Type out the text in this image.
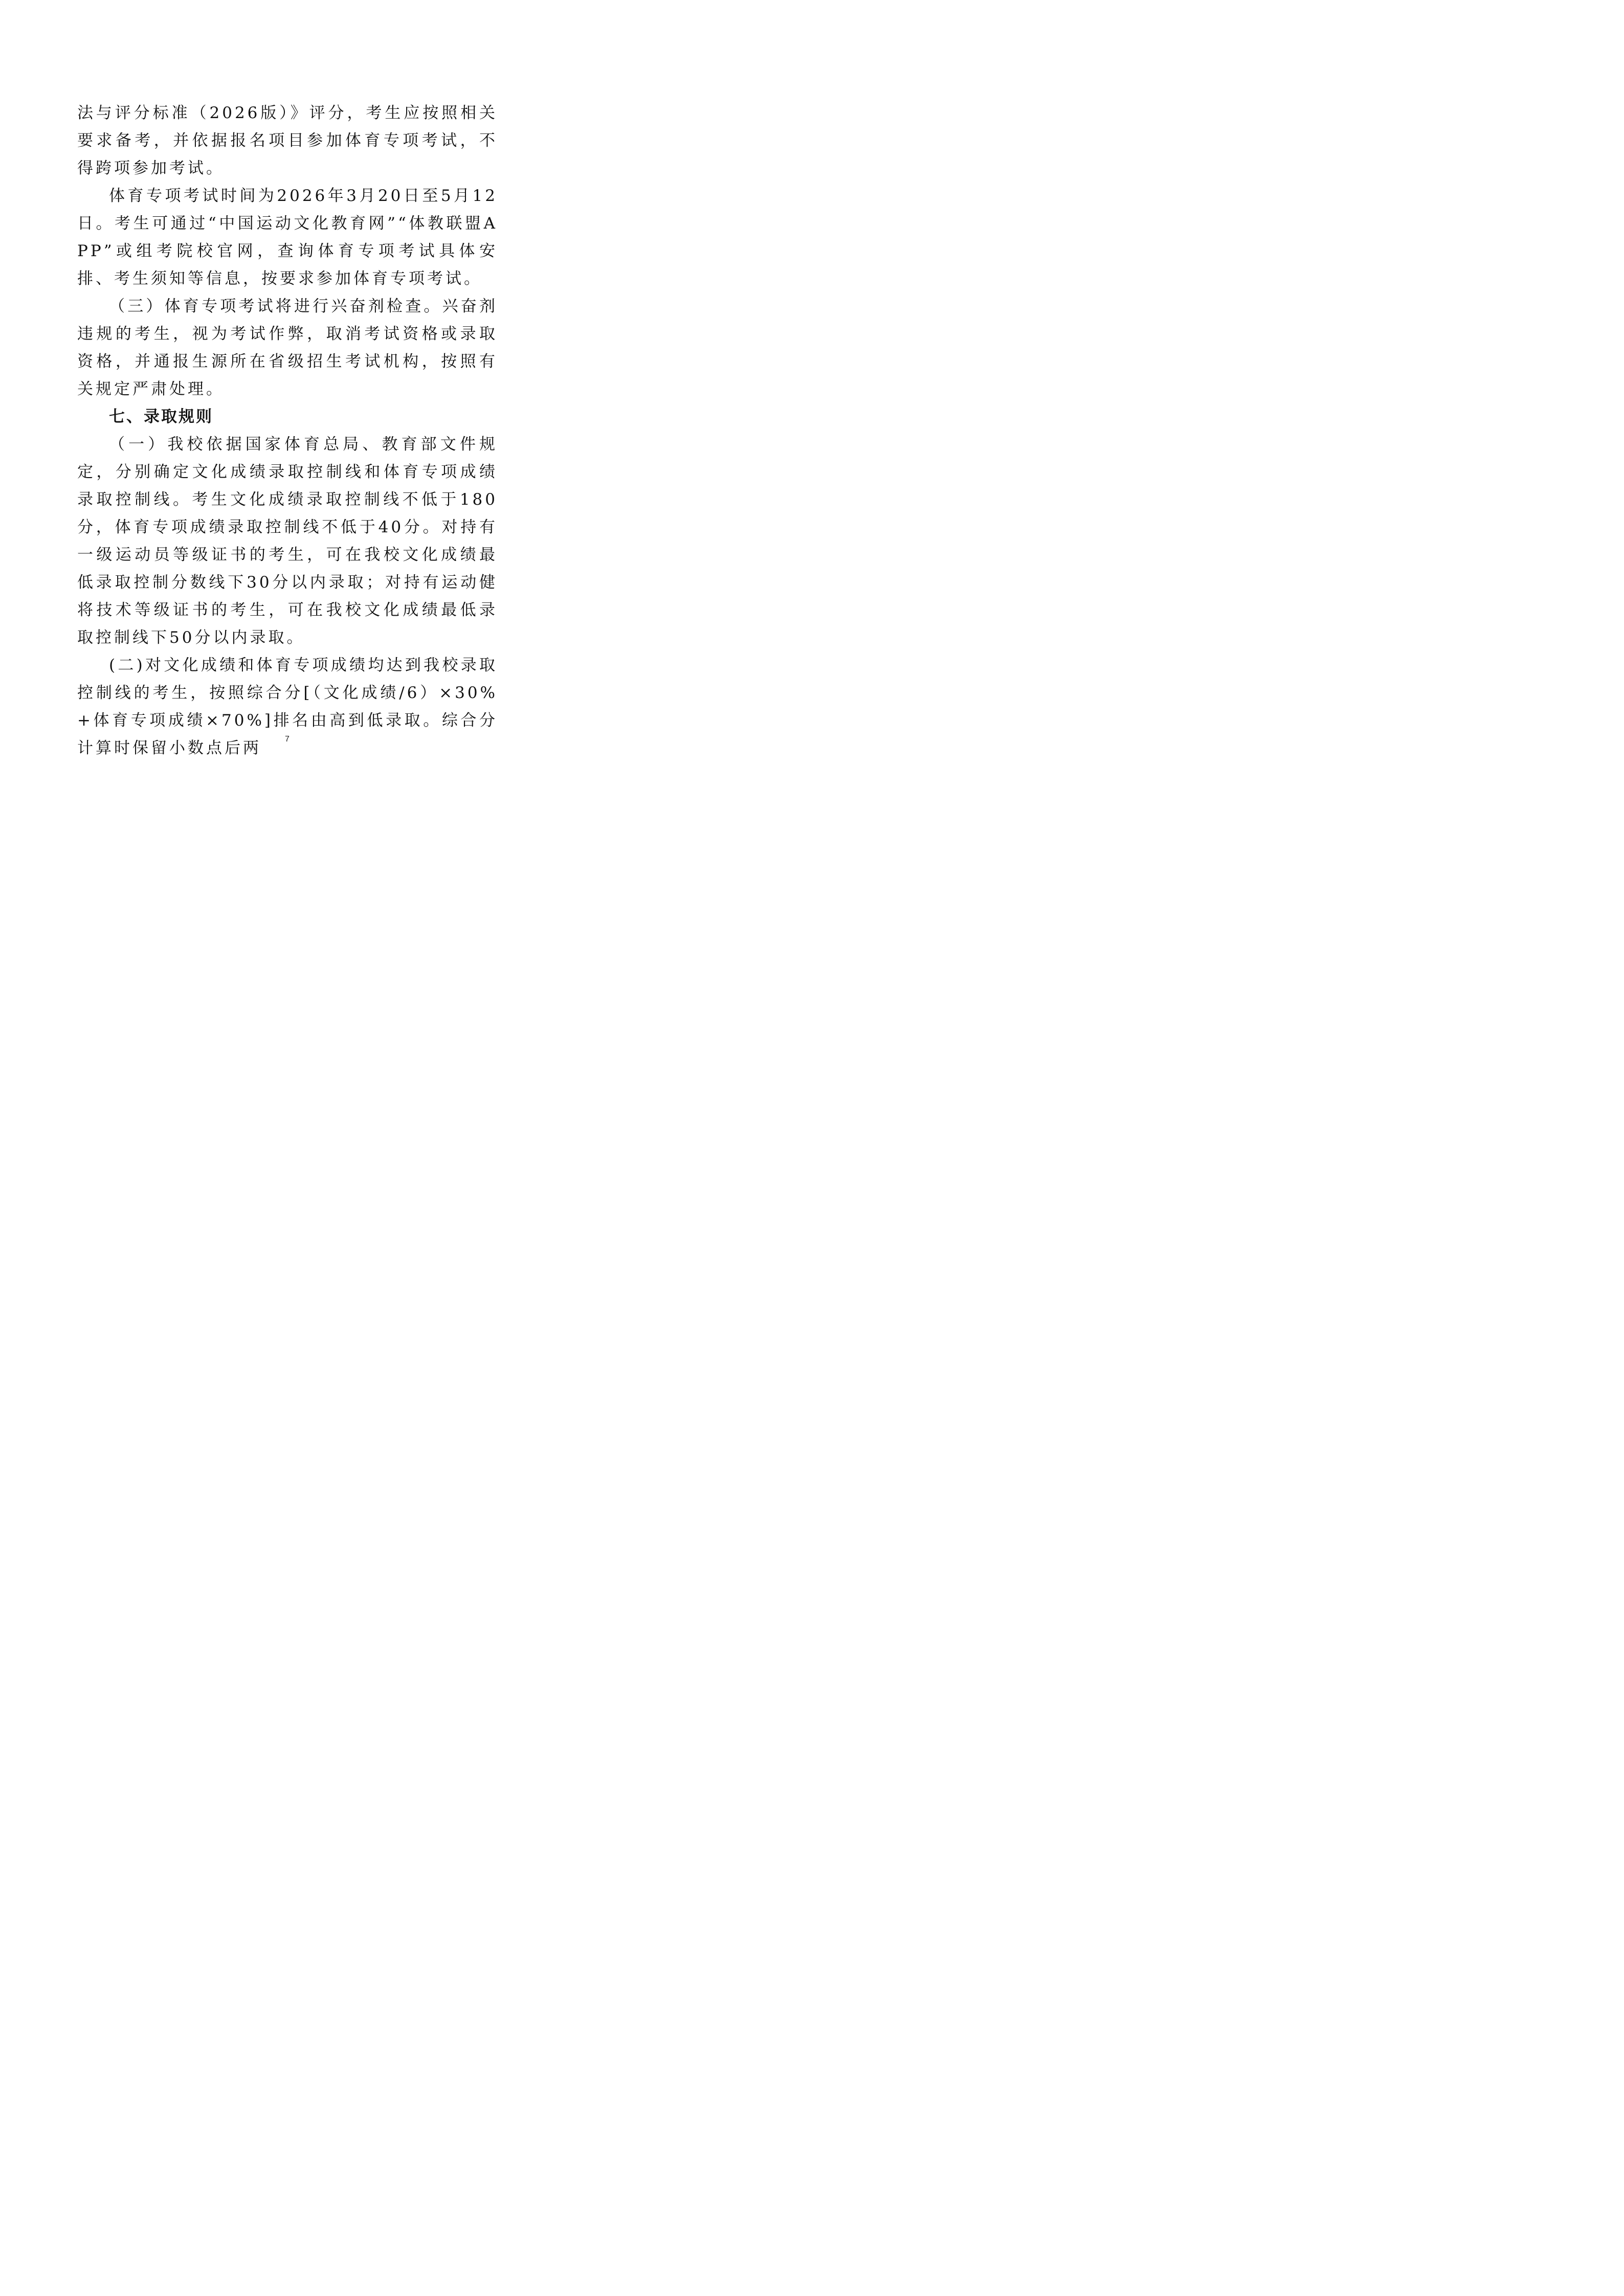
法与评分标准（2026版）》评分，考生应按照相关要求备考，并依据报名项目参加体育专项考试，不得跨项参加考试。

体育专项考试时间为2026年3月20日至5月12日。考生可通过“中国运动文化教育网”“体教联盟APP”或组考院校官网，查询体育专项考试具体安排、考生须知等信息，按要求参加体育专项考试。

（三）体育专项考试将进行兴奋剂检查。兴奋剂违规的考生，视为考试作弊，取消考试资格或录取资格，并通报生源所在省级招生考试机构，按照有关规定严肃处理。

七、录取规则

（一）我校依据国家体育总局、教育部文件规定，分别确定文化成绩录取控制线和体育专项成绩录取控制线。考生文化成绩录取控制线不低于180分，体育专项成绩录取控制线不低于40分。对持有一级运动员等级证书的考生，可在我校文化成绩最低录取控制分数线下30分以内录取；对持有运动健将技术等级证书的考生，可在我校文化成绩最低录取控制线下50分以内录取。

(二)对文化成绩和体育专项成绩均达到我校录取控制线的考生，按照综合分[（文化成绩/6）×30%+体育专项成绩×70%]排名由高到低录取。综合分计算时保留小数点后两	7
